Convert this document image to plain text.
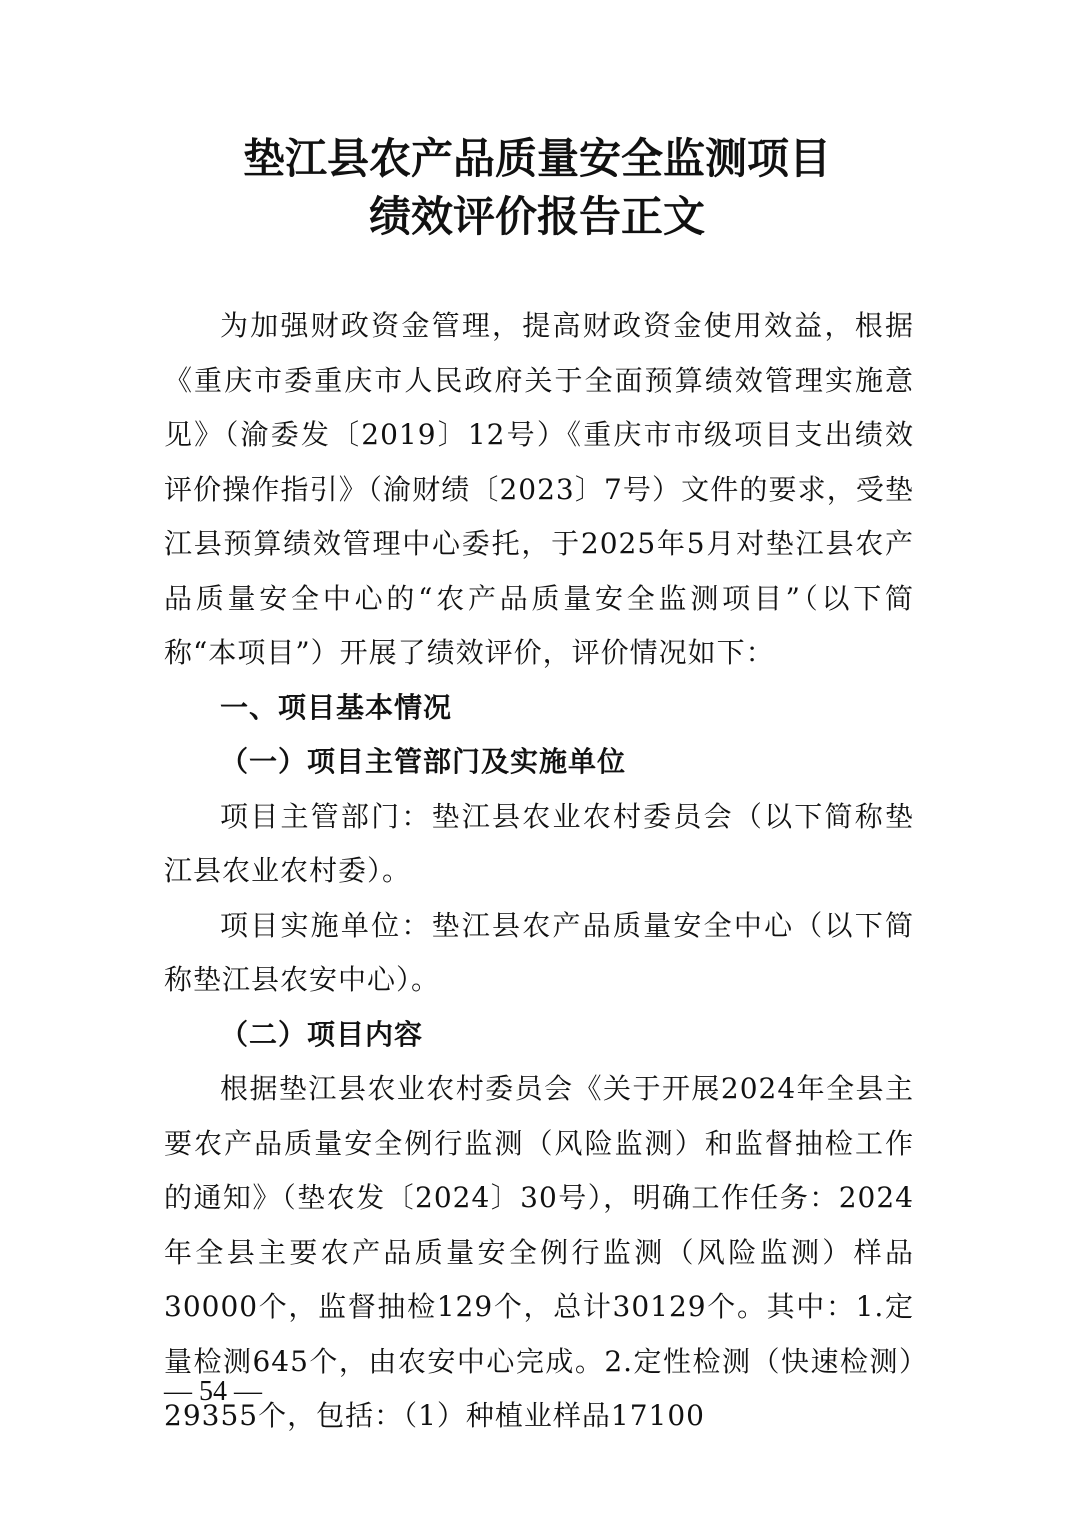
垫江县农产品质量安全监测项目
绩效评价报告正文

为加强财政资金管理，提高财政资金使用效益，根据《重庆市委重庆市人民政府关于全面预算绩效管理实施意见》（渝委发〔2019〕12号）《重庆市市级项目支出绩效评价操作指引》（渝财绩〔2023〕7号）文件的要求，受垫江县预算绩效管理中心委托，于2025年5月对垫江县农产品质量安全中心的“农产品质量安全监测项目”（以下简称“本项目”）开展了绩效评价，评价情况如下：

一、项目基本情况

（一）项目主管部门及实施单位

项目主管部门：垫江县农业农村委员会（以下简称垫江县农业农村委）。

项目实施单位：垫江县农产品质量安全中心（以下简称垫江县农安中心）。

（二）项目内容

根据垫江县农业农村委员会《关于开展2024年全县主要农产品质量安全例行监测（风险监测）和监督抽检工作的通知》（垫农发〔2024〕30号），明确工作任务：2024年全县主要农产品质量安全例行监测（风险监测）样品30000个，监督抽检129个，总计30129个。其中：1.定量检测645个，由农安中心完成。2.定性检测（快速检测）29355个，包括：（1）种植业样品17100

— 54 —
